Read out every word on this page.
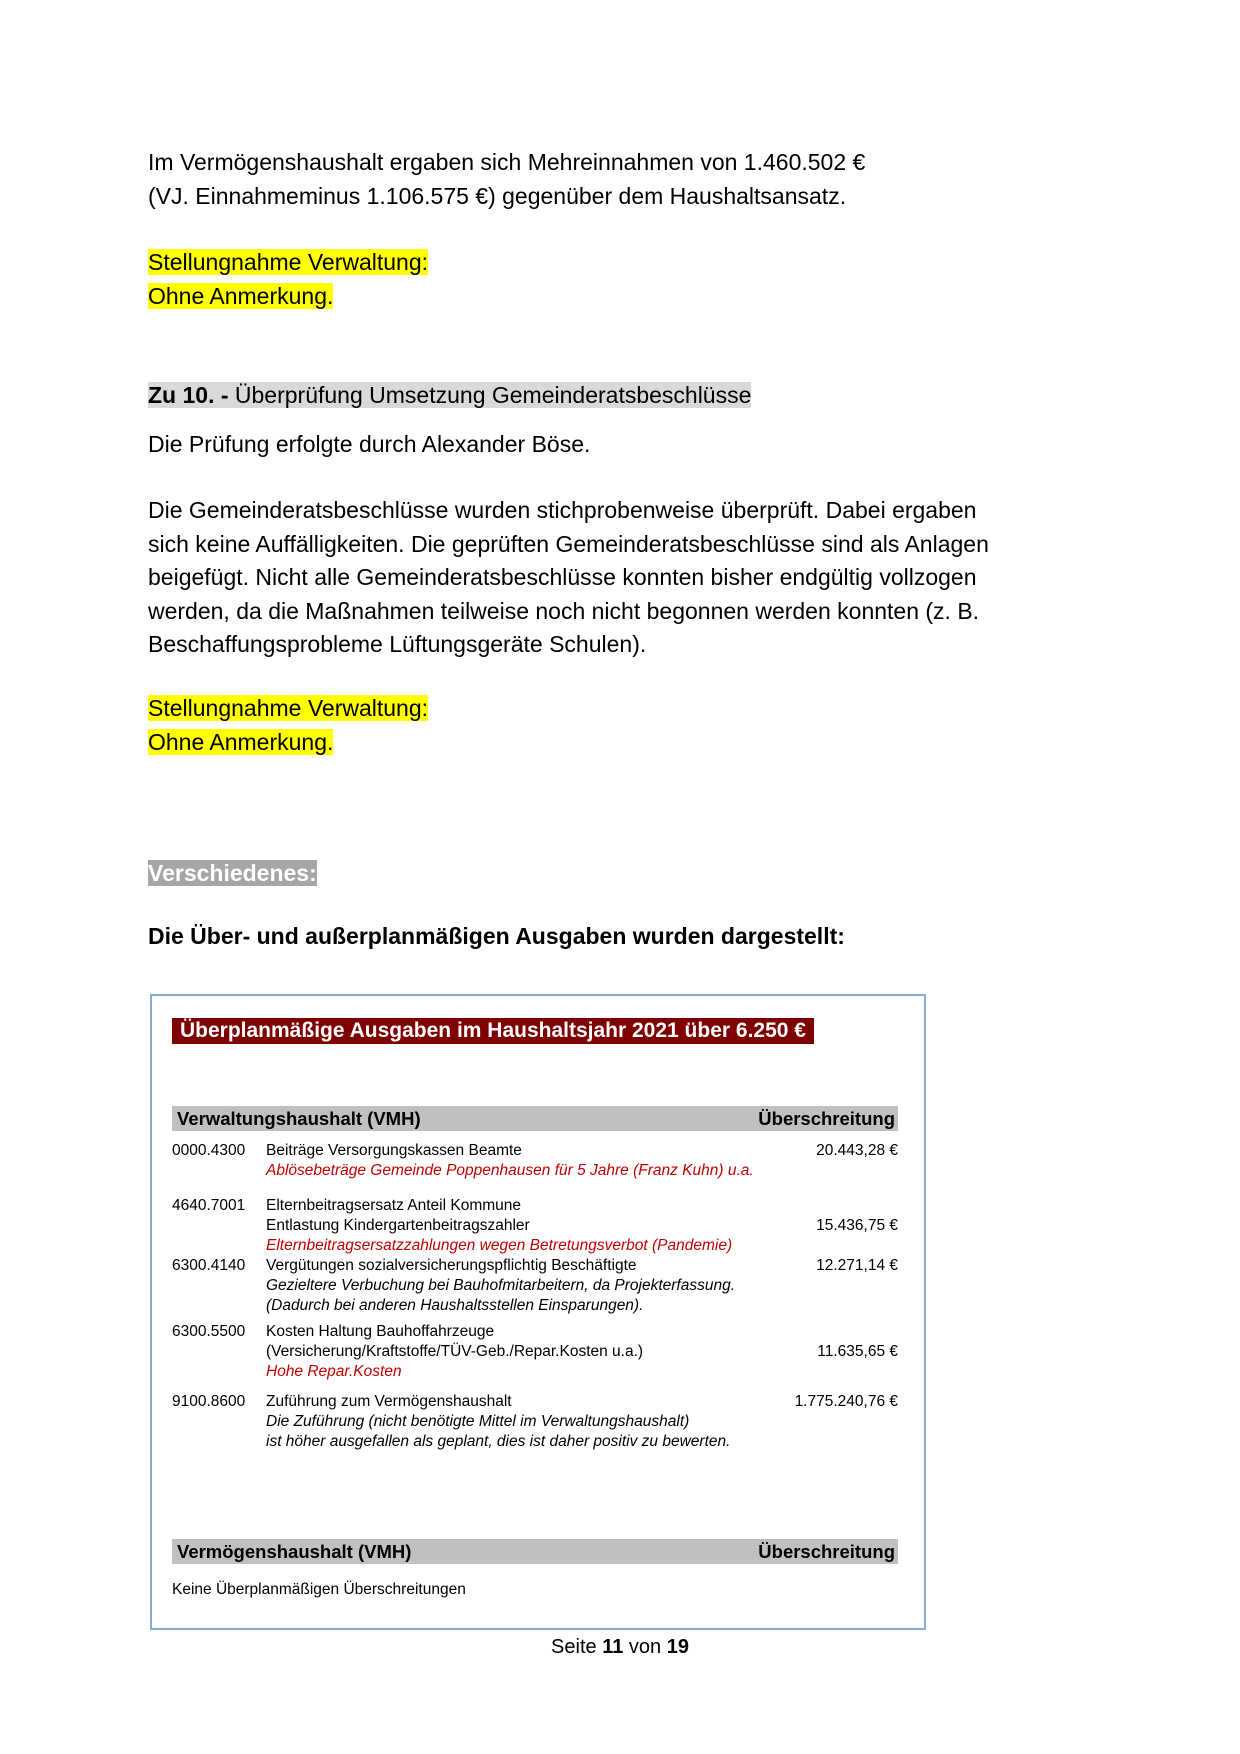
Im Vermögenshaushalt ergaben sich Mehreinnahmen von 1.460.502 €
(VJ. Einnahmeminus 1.106.575 €) gegenüber dem Haushaltsansatz.
Stellungnahme Verwaltung:
Ohne Anmerkung.
Zu 10. - Überprüfung Umsetzung Gemeinderatsbeschlüsse
Die Prüfung erfolgte durch Alexander Böse.
Die Gemeinderatsbeschlüsse wurden stichprobenweise überprüft. Dabei ergaben
sich keine Auffälligkeiten. Die geprüften Gemeinderatsbeschlüsse sind als Anlagen
beigefügt. Nicht alle Gemeinderatsbeschlüsse konnten bisher endgültig vollzogen
werden, da die Maßnahmen teilweise noch nicht begonnen werden konnten (z. B.
Beschaffungsprobleme Lüftungsgeräte Schulen).
Stellungnahme Verwaltung:
Ohne Anmerkung.
Verschiedenes:
Die Über- und außerplanmäßigen Ausgaben wurden dargestellt:
Überplanmäßige Ausgaben im Haushaltsjahr 2021 über 6.250 €
Verwaltungshaushalt (VMH)	Überschreitung
0000.4300 Beiträge Versorgungskassen Beamte
Ablösebeträge Gemeinde Poppenhausen für 5 Jahre (Franz Kuhn) u.a.
20.443,28 €
4640.7001 Elternbeitragsersatz Anteil Kommune
Entlastung Kindergartenbeitragszahler
Elternbeitragsersatzzahlungen wegen Betretungsverbot (Pandemie)
15.436,75 €
6300.4140 Vergütungen sozialversicherungspflichtig Beschäftigte
Gezieltere Verbuchung bei Bauhofmitarbeitern, da Projekterfassung.
(Dadurch bei anderen Haushaltsstellen Einsparungen).
12.271,14 €
6300.5500 Kosten Haltung Bauhoffahrzeuge
(Versicherung/Kraftstoffe/TÜV-Geb./Repar.Kosten u.a.)
Hohe Repar.Kosten
11.635,65 €
9100.8600 Zuführung zum Vermögenshaushalt
Die Zuführung (nicht benötigte Mittel im Verwaltungshaushalt)
ist höher ausgefallen als geplant, dies ist daher positiv zu bewerten.
1.775.240,76 €
Vermögenshaushalt (VMH)	Überschreitung
Keine Überplanmäßigen Überschreitungen
Seite 11 von 19
